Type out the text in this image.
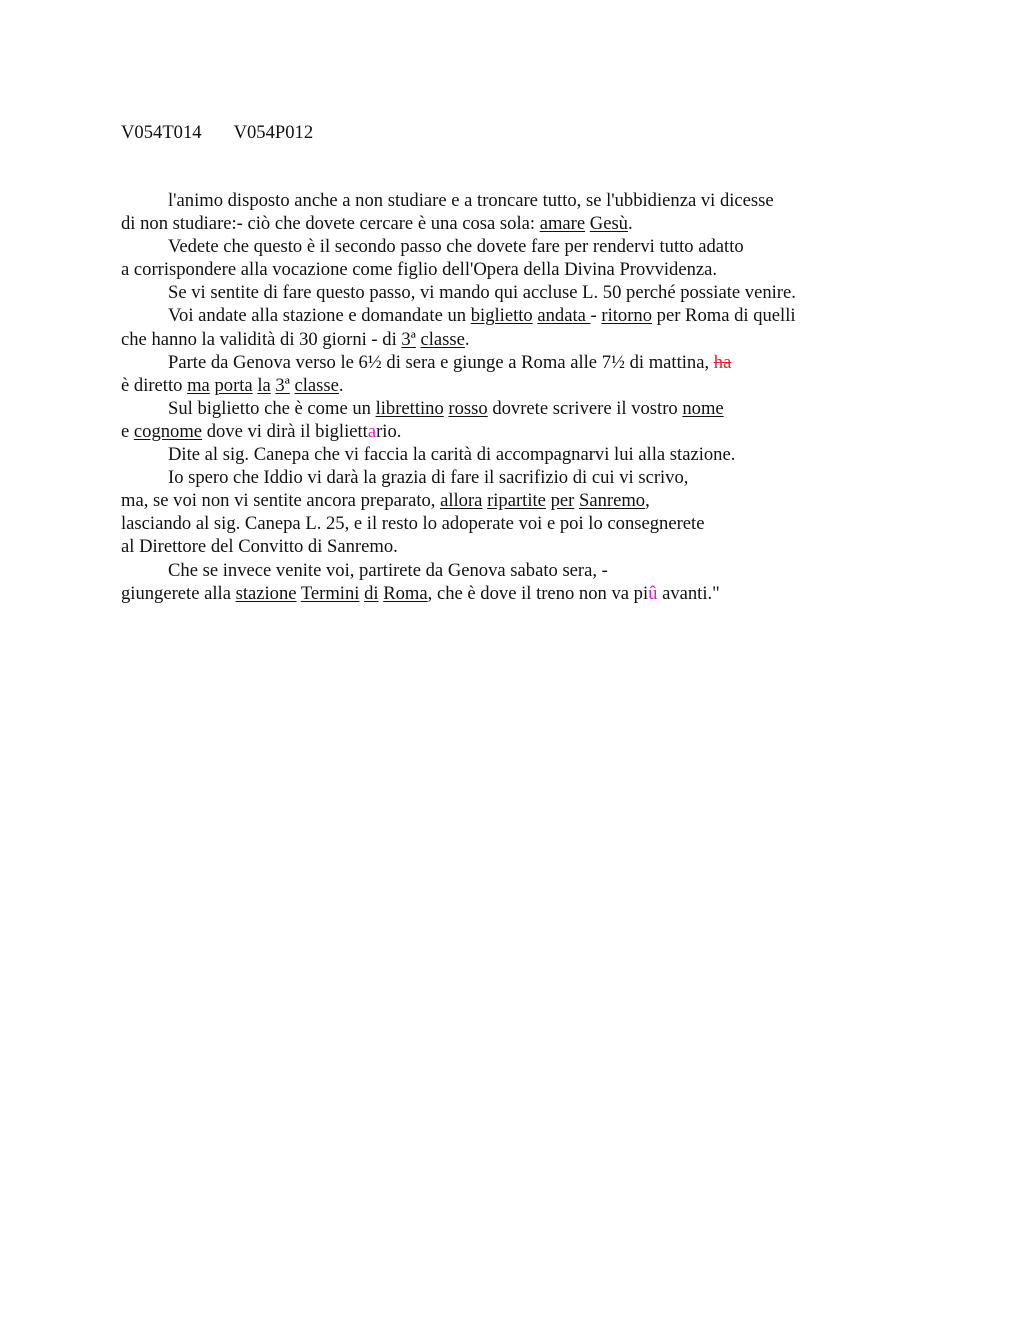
V054T014 V054P012
l'animo disposto anche a non studiare e a troncare tutto, se l'ubbidienza vi dicesse
di non studiare:- ciò che dovete cercare è una cosa sola: amare Gesù.
Vedete che questo è il secondo passo che dovete fare per rendervi tutto adatto
a corrispondere alla vocazione come figlio dell'Opera della Divina Provvidenza.
Se vi sentite di fare questo passo, vi mando qui accluse L. 50 perché possiate venire.
Voi andate alla stazione e domandate un biglietto andata - ritorno per Roma di quelli
che hanno la validità di 30 giorni - di 3ª classe.
Parte da Genova verso le 6½ di sera e giunge a Roma alle 7½ di mattina, ha
è diretto ma porta la 3ª classe.
Sul biglietto che è come un librettino rosso dovrete scrivere il vostro nome
e cognome dove vi dirà il bigliettario.
Dite al sig. Canepa che vi faccia la carità di accompagnarvi lui alla stazione.
Io spero che Iddio vi darà la grazia di fare il sacrifizio di cui vi scrivo,
ma, se voi non vi sentite ancora preparato, allora ripartite per Sanremo,
lasciando al sig. Canepa L. 25, e il resto lo adoperate voi e poi lo consegnerete
al Direttore del Convitto di Sanremo.
Che se invece venite voi, partirete da Genova sabato sera, -
giungerete alla stazione Termini di Roma, che è dove il treno non va piû avanti."
